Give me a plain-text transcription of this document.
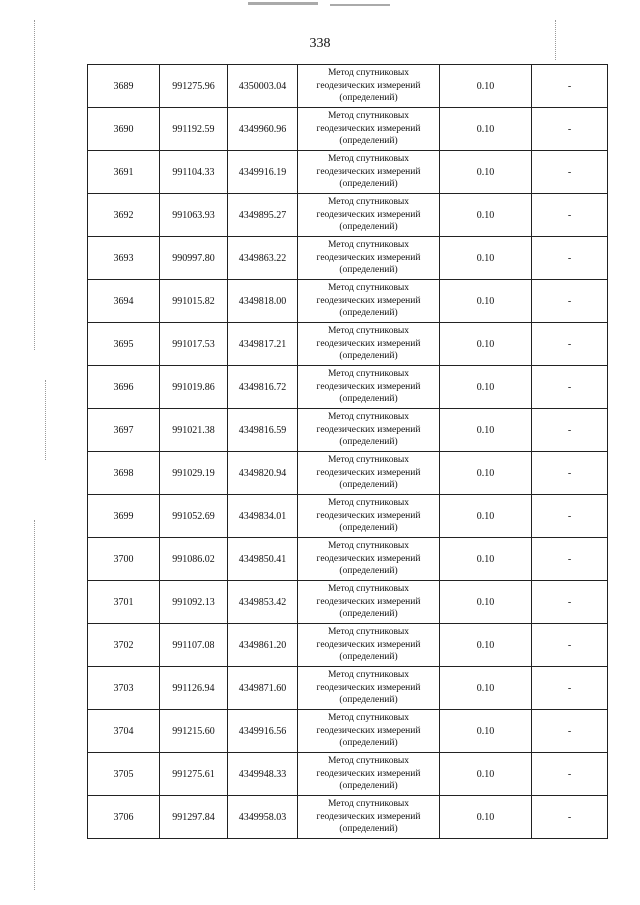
338
3689	991275.96	4350003.04	Метод спутниковых
геодезических измерений
(определений)	0.10	-
3690	991192.59	4349960.96	Метод спутниковых
геодезических измерений
(определений)	0.10	-
3691	991104.33	4349916.19	Метод спутниковых
геодезических измерений
(определений)	0.10	-
3692	991063.93	4349895.27	Метод спутниковых
геодезических измерений
(определений)	0.10	-
3693	990997.80	4349863.22	Метод спутниковых
геодезических измерений
(определений)	0.10	-
3694	991015.82	4349818.00	Метод спутниковых
геодезических измерений
(определений)	0.10	-
3695	991017.53	4349817.21	Метод спутниковых
геодезических измерений
(определений)	0.10	-
3696	991019.86	4349816.72	Метод спутниковых
геодезических измерений
(определений)	0.10	-
3697	991021.38	4349816.59	Метод спутниковых
геодезических измерений
(определений)	0.10	-
3698	991029.19	4349820.94	Метод спутниковых
геодезических измерений
(определений)	0.10	-
3699	991052.69	4349834.01	Метод спутниковых
геодезических измерений
(определений)	0.10	-
3700	991086.02	4349850.41	Метод спутниковых
геодезических измерений
(определений)	0.10	-
3701	991092.13	4349853.42	Метод спутниковых
геодезических измерений
(определений)	0.10	-
3702	991107.08	4349861.20	Метод спутниковых
геодезических измерений
(определений)	0.10	-
3703	991126.94	4349871.60	Метод спутниковых
геодезических измерений
(определений)	0.10	-
3704	991215.60	4349916.56	Метод спутниковых
геодезических измерений
(определений)	0.10	-
3705	991275.61	4349948.33	Метод спутниковых
геодезических измерений
(определений)	0.10	-
3706	991297.84	4349958.03	Метод спутниковых
геодезических измерений
(определений)	0.10	-
